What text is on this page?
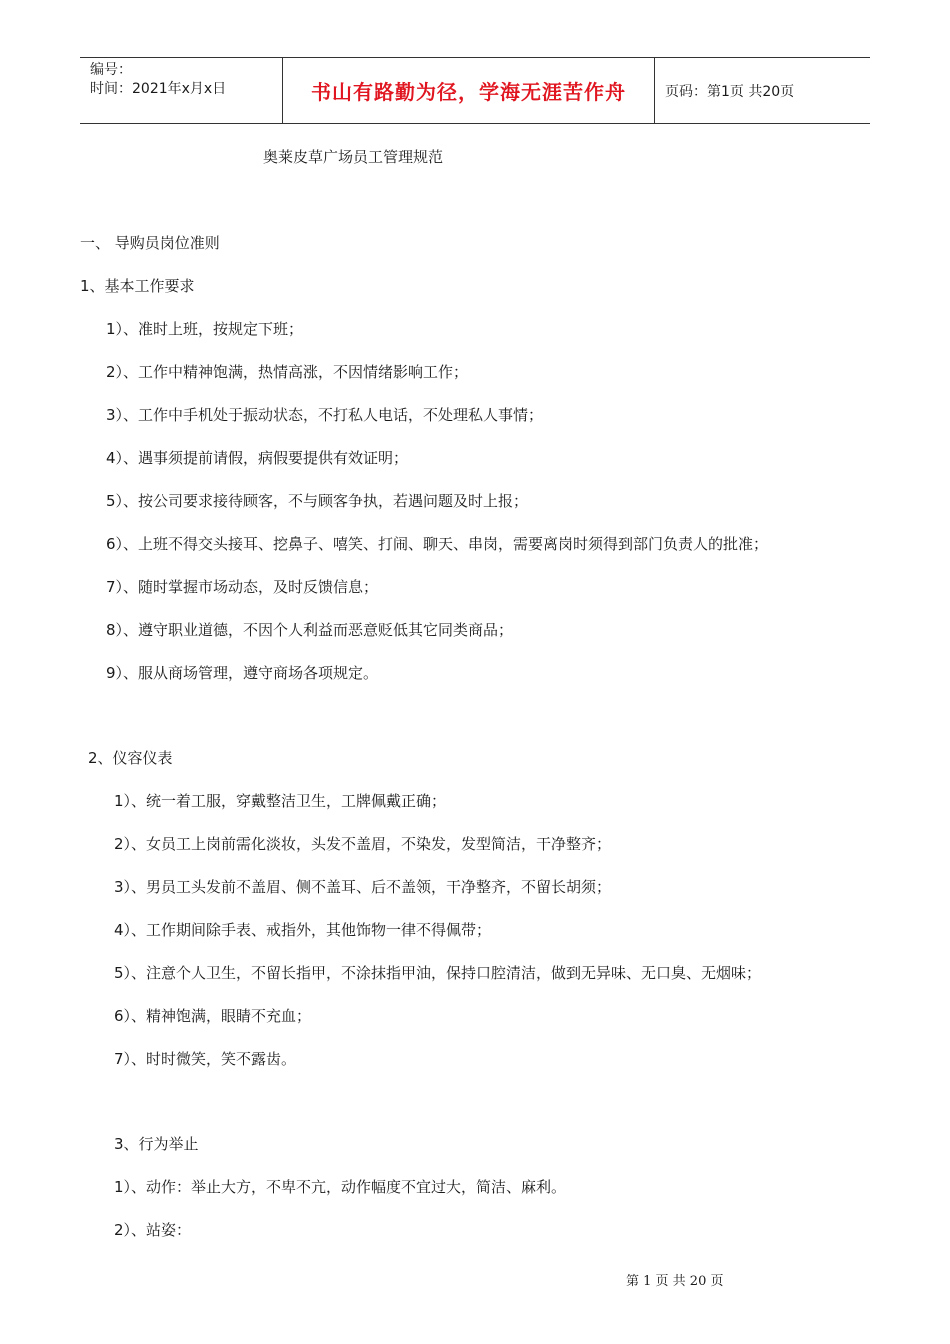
编号：
时间：2021年x月x日	书山有路勤为径，学海无涯苦作舟	页码：第1页 共20页
奥莱皮草广场员工管理规范

一、 导购员岗位准则

1、基本工作要求

1）、准时上班，按规定下班；

2）、工作中精神饱满，热情高涨，不因情绪影响工作；

3）、工作中手机处于振动状态，不打私人电话，不处理私人事情；

4）、遇事须提前请假，病假要提供有效证明；

5）、按公司要求接待顾客，不与顾客争执，若遇问题及时上报；

6）、上班不得交头接耳、挖鼻子、嘻笑、打闹、聊天、串岗，需要离岗时须得到部门负责人的批准；

7）、随时掌握市场动态，及时反馈信息；

8）、遵守职业道德，不因个人利益而恶意贬低其它同类商品；

9）、服从商场管理，遵守商场各项规定。

2、仪容仪表

1）、统一着工服，穿戴整洁卫生，工牌佩戴正确；

2）、女员工上岗前需化淡妆，头发不盖眉，不染发，发型简洁，干净整齐；

3）、男员工头发前不盖眉、侧不盖耳、后不盖领，干净整齐，不留长胡须；

4）、工作期间除手表、戒指外，其他饰物一律不得佩带；

5）、注意个人卫生，不留长指甲，不涂抹指甲油，保持口腔清洁，做到无异味、无口臭、无烟味；

6）、精神饱满，眼睛不充血；

7）、时时微笑，笑不露齿。

3、行为举止

1）、动作：举止大方，不卑不亢，动作幅度不宜过大，简洁、麻利。

2）、站姿：

第 1 页 共 20 页
